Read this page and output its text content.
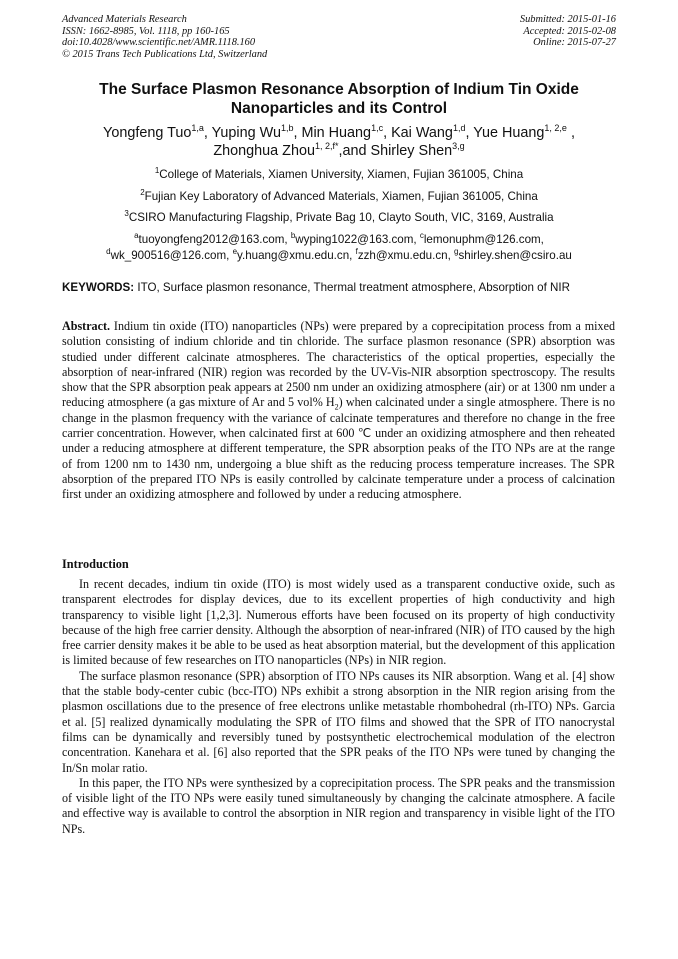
Advanced Materials Research
ISSN: 1662-8985, Vol. 1118, pp 160-165
doi:10.4028/www.scientific.net/AMR.1118.160
© 2015 Trans Tech Publications Ltd, Switzerland
Submitted: 2015-01-16
Accepted: 2015-02-08
Online: 2015-07-27
The Surface Plasmon Resonance Absorption of Indium Tin Oxide
Nanoparticles and its Control
Yongfeng Tuo$^{1,a}$, Yuping Wu$^{1,b}$, Min Huang$^{1,c}$, Kai Wang$^{1,d}$, Yue Huang$^{1, 2,e}$ ,
Zhonghua Zhou$^{1, 2,f*}$,and Shirley Shen$^{3,g}$
$^1$College of Materials, Xiamen University, Xiamen, Fujian 361005, China
$^2$Fujian Key Laboratory of Advanced Materials, Xiamen, Fujian 361005, China
$^3$CSIRO Manufacturing Flagship, Private Bag 10, Clayto South, VIC, 3169, Australia
$^a$tuoyongfeng2012@163.com, $^b$wyping1022@163.com, $^c$lemonuphm@126.com,
$^d$wk_900516@126.com, $^e$y.huang@xmu.edu.cn, $^f$zzh@xmu.edu.cn, $^g$shirley.shen@csiro.au
KEYWORDS: ITO, Surface plasmon resonance, Thermal treatment atmosphere, Absorption of NIR
Abstract. Indium tin oxide (ITO) nanoparticles (NPs) were prepared by a coprecipitation process from a mixed solution consisting of indium chloride and tin chloride. The surface plasmon resonance (SPR) absorption was studied under different calcinate atmospheres. The characteristics of the optical properties, especially the absorption of near-infrared (NIR) region was recorded by the UV-Vis-NIR absorption spectroscopy. The results show that the SPR absorption peak appears at 2500 nm under an oxidizing atmosphere (air) or at 1300 nm under a reducing atmosphere (a gas mixture of Ar and 5 vol% $H_2$) when calcinated under a single atmosphere. There is no change in the plasmon frequency with the variance of calcinate temperatures and therefore no change in the free carrier concentration. However, when calcinated first at 600 ℃ under an oxidizing atmosphere and then reheated under a reducing atmosphere at different temperature, the SPR absorption peaks of the ITO NPs are at the range of from 1200 nm to 1430 nm, undergoing a blue shift as the reducing process temperature increases. The SPR absorption of the prepared ITO NPs is easily controlled by calcinate temperature under a process of calcination first under an oxidizing atmosphere and followed by under a reducing atmosphere.
Introduction

In recent decades, indium tin oxide (ITO) is most widely used as a transparent conductive oxide, such as transparent electrodes for display devices, due to its excellent properties of high conductivity and high transparency to visible light [1,2,3]. Numerous efforts have been focused on its property of high conductivity because of the high free carrier density. Although the absorption of near-infrared (NIR) of ITO caused by the high free carrier density makes it be able to be used as heat absorption material, but the development of this application is limited because of few researches on ITO nanoparticles (NPs) in NIR region.

The surface plasmon resonance (SPR) absorption of ITO NPs causes its NIR absorption. Wang et al. [4] show that the stable body-center cubic (bcc-ITO) NPs exhibit a strong absorption in the NIR region arising from the plasmon oscillations due to the presence of free electrons unlike metastable rhombohedral (rh-ITO) NPs. Garcia et al. [5] realized dynamically modulating the SPR of ITO films and showed that the SPR of ITO nanocrystal films can be dynamically and reversibly tuned by postsynthetic electrochemical modulation of the electron concentration. Kanehara et al. [6] also reported that the SPR peaks of the ITO NPs were tuned by changing the In/Sn molar ratio.

In this paper, the ITO NPs were synthesized by a coprecipitation process. The SPR peaks and the transmission of visible light of the ITO NPs were easily tuned simultaneously by changing the calcinate atmosphere. A facile and effective way is available to control the absorption in NIR region and transparency in visible light of the ITO NPs.
